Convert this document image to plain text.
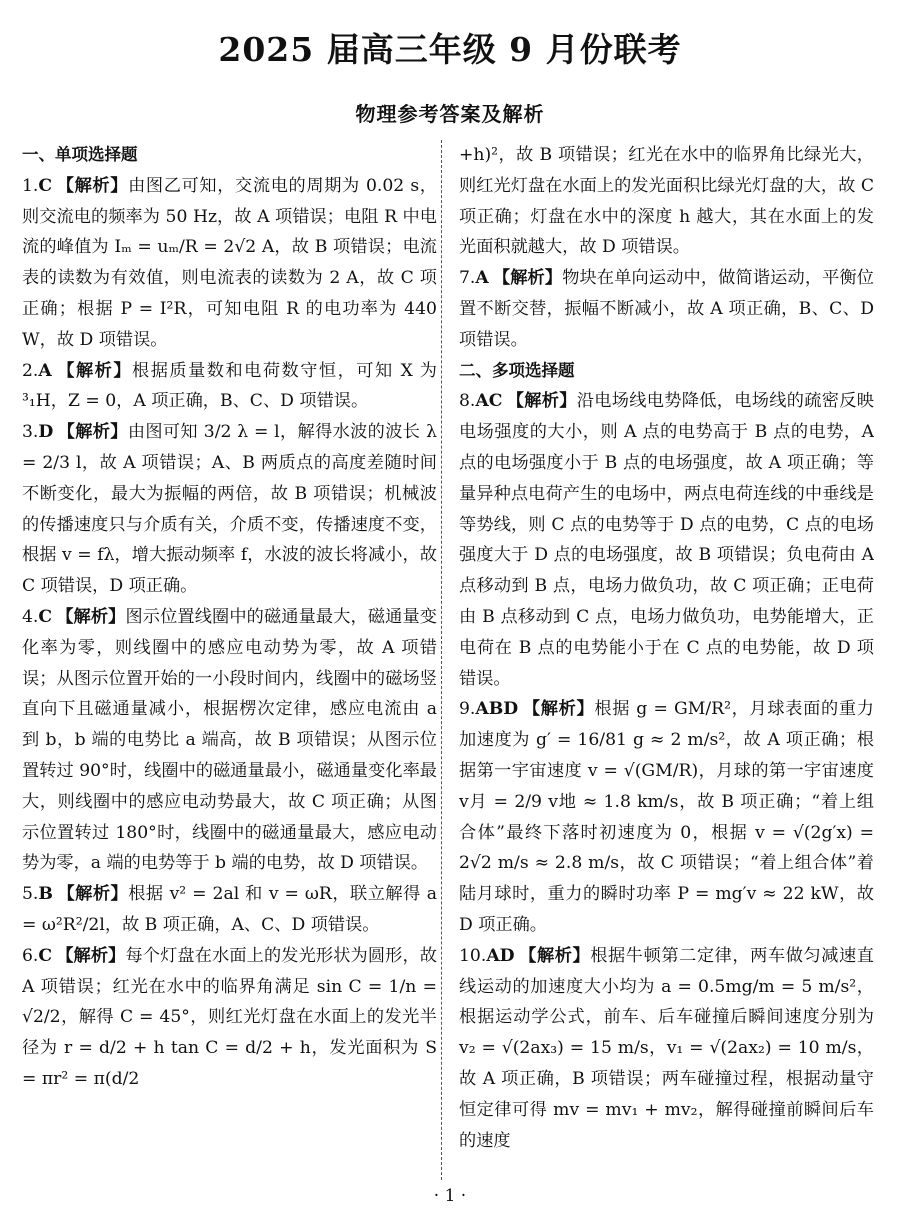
2025 届高三年级 9 月份联考
物理参考答案及解析
一、单项选择题

1.C 【解析】由图乙可知，交流电的周期为 0.02 s，则交流电的频率为 50 Hz，故 A 项错误；电阻 R 中电流的峰值为 Iₘ = uₘ/R = 2√2 A，故 B 项错误；电流表的读数为有效值，则电流表的读数为 2 A，故 C 项正确；根据 P = I²R，可知电阻 R 的电功率为 440 W，故 D 项错误。

2.A 【解析】根据质量数和电荷数守恒，可知 X 为 ³₁H，Z = 0，A 项正确，B、C、D 项错误。

3.D 【解析】由图可知 3/2 λ = l，解得水波的波长 λ = 2/3 l，故 A 项错误；A、B 两质点的高度差随时间不断变化，最大为振幅的两倍，故 B 项错误；机械波的传播速度只与介质有关，介质不变，传播速度不变，根据 v = fλ，增大振动频率 f，水波的波长将减小，故 C 项错误，D 项正确。

4.C 【解析】图示位置线圈中的磁通量最大，磁通量变化率为零，则线圈中的感应电动势为零，故 A 项错误；从图示位置开始的一小段时间内，线圈中的磁场竖直向下且磁通量减小，根据楞次定律，感应电流由 a 到 b，b 端的电势比 a 端高，故 B 项错误；从图示位置转过 90°时，线圈中的磁通量最小，磁通量变化率最大，则线圈中的感应电动势最大，故 C 项正确；从图示位置转过 180°时，线圈中的磁通量最大，感应电动势为零，a 端的电势等于 b 端的电势，故 D 项错误。

5.B 【解析】根据 v² = 2al 和 v = ωR，联立解得 a = ω²R²/2l，故 B 项正确，A、C、D 项错误。

6.C 【解析】每个灯盘在水面上的发光形状为圆形，故 A 项错误；红光在水中的临界角满足 sin C = 1/n = √2/2，解得 C = 45°，则红光灯盘在水面上的发光半径为 r = d/2 + h tan C = d/2 + h，发光面积为 S = πr² = π(d/2

+h)²，故 B 项错误；红光在水中的临界角比绿光大，则红光灯盘在水面上的发光面积比绿光灯盘的大，故 C 项正确；灯盘在水中的深度 h 越大，其在水面上的发光面积就越大，故 D 项错误。

7.A 【解析】物块在单向运动中，做简谐运动，平衡位置不断交替，振幅不断减小，故 A 项正确，B、C、D 项错误。

二、多项选择题

8.AC 【解析】沿电场线电势降低，电场线的疏密反映电场强度的大小，则 A 点的电势高于 B 点的电势，A 点的电场强度小于 B 点的电场强度，故 A 项正确；等量异种点电荷产生的电场中，两点电荷连线的中垂线是等势线，则 C 点的电势等于 D 点的电势，C 点的电场强度大于 D 点的电场强度，故 B 项错误；负电荷由 A 点移动到 B 点，电场力做负功，故 C 项正确；正电荷由 B 点移动到 C 点，电场力做负功，电势能增大，正电荷在 B 点的电势能小于在 C 点的电势能，故 D 项错误。

9.ABD 【解析】根据 g = GM/R²，月球表面的重力加速度为 g′ = 16/81 g ≈ 2 m/s²，故 A 项正确；根据第一宇宙速度 v = √(GM/R)，月球的第一宇宙速度 v月 = 2/9 v地 ≈ 1.8 km/s，故 B 项正确；“着上组合体”最终下落时初速度为 0，根据 v = √(2g′x) = 2√2 m/s ≈ 2.8 m/s，故 C 项错误；“着上组合体”着陆月球时，重力的瞬时功率 P = mg′v ≈ 22 kW，故 D 项正确。

10.AD 【解析】根据牛顿第二定律，两车做匀减速直线运动的加速度大小均为 a = 0.5mg/m = 5 m/s²，根据运动学公式，前车、后车碰撞后瞬间速度分别为 v₂ = √(2ax₃) = 15 m/s，v₁ = √(2ax₂) = 10 m/s，故 A 项正确，B 项错误；两车碰撞过程，根据动量守恒定律可得 mv = mv₁ + mv₂，解得碰撞前瞬间后车的速度

· 1 ·
